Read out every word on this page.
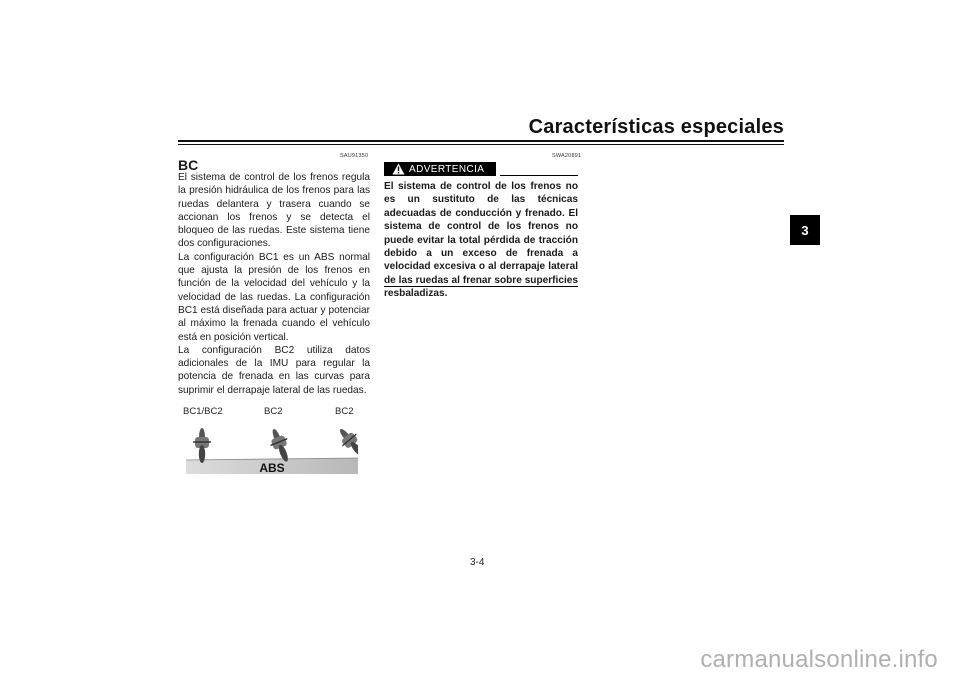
Características especiales
3
SAU91350
BC

El sistema de control de los frenos regula la presión hidráulica de los frenos para las ruedas delantera y trasera cuando se accionan los frenos y se detecta el bloqueo de las ruedas. Este sistema tiene dos configuraciones.

La configuración BC1 es un ABS normal que ajusta la presión de los frenos en función de la velocidad del vehículo y la velocidad de las ruedas. La configuración BC1 está diseñada para actuar y potenciar al máximo la frenada cuando el vehículo está en posición vertical.

La configuración BC2 utiliza datos adicionales de la IMU para regular la potencia de frenada en las curvas para suprimir el derrapaje lateral de las ruedas.

BC1/BC2	BC2	BC2
ABS
SWA20891
ADVERTENCIA

El sistema de control de los frenos no es un sustituto de las técnicas adecuadas de conducción y frenado. El sistema de control de los frenos no puede evitar la total pérdida de tracción debido a un exceso de frenada a velocidad excesiva o al derrapaje lateral de las ruedas al frenar sobre superficies resbaladizas.

3-4
carmanualsonline.info
